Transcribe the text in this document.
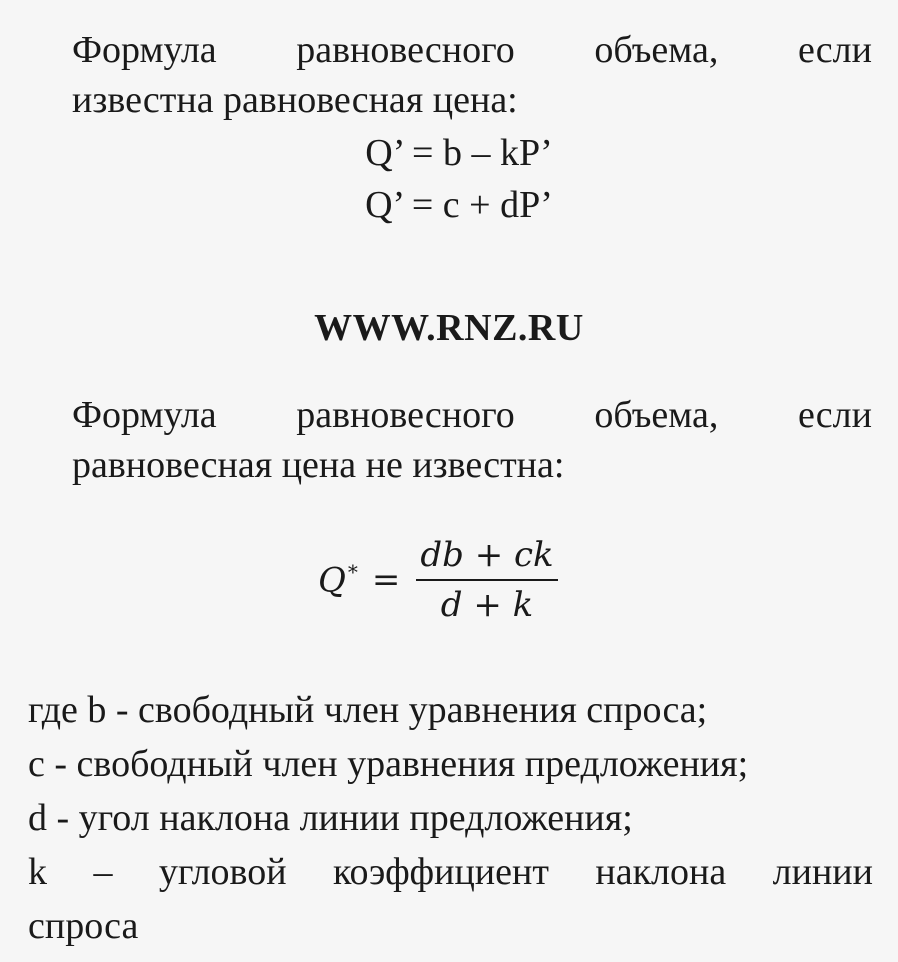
Формула равновесного объема, если
известна равновесная цена:
Q’ = b – kP’
Q’ = c + dP’
WWW.RNZ.RU
Формула равновесного объема, если
равновесная цена не известна:
Q $^* = \frac{db + ck}{d + k}$
где b - свободный член уравнения спроса;
c - свободный член уравнения предложения;
d - угол наклона линии предложения;
k – угловой коэффициент наклона линии
спроса
